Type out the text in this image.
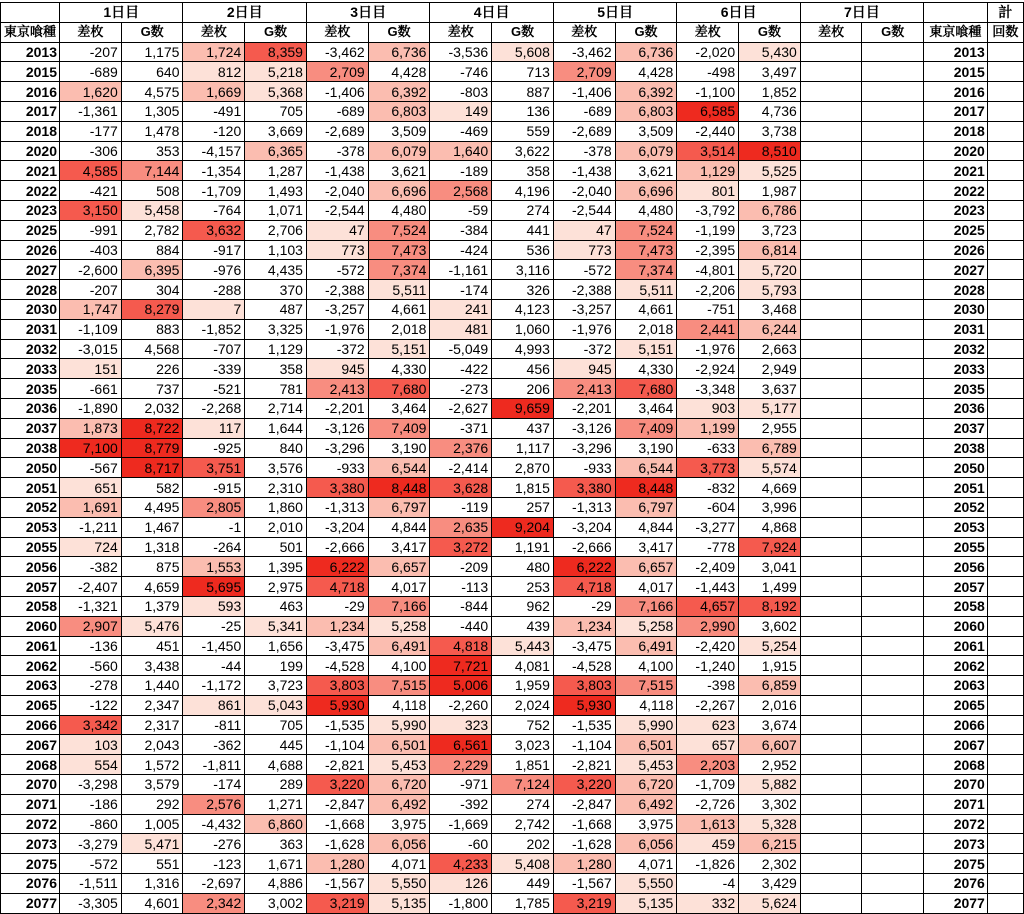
	1日目		2日目		3日目		4日目		5日目		6日目		7日目			計
東京喰種	差枚	G数	差枚	G数	差枚	G数	差枚	G数	差枚	G数	差枚	G数	差枚	G数	東京喰種	回数
2013	-207	1,175	1,724	8,359	-3,462	6,736	-3,536	5,608	-3,462	6,736	-2,020	5,430			2013	
2015	-689	640	812	5,218	2,709	4,428	-746	713	2,709	4,428	-498	3,497			2015	
2016	1,620	4,575	1,669	5,368	-1,406	6,392	-803	887	-1,406	6,392	-1,100	1,852			2016	
2017	-1,361	1,305	-491	705	-689	6,803	149	136	-689	6,803	6,585	4,736			2017	
2018	-177	1,478	-120	3,669	-2,689	3,509	-469	559	-2,689	3,509	-2,440	3,738			2018	
2020	-306	353	-4,157	6,365	-378	6,079	1,640	3,622	-378	6,079	3,514	8,510			2020	
2021	4,585	7,144	-1,354	1,287	-1,438	3,621	-189	358	-1,438	3,621	1,129	5,525			2021	
2022	-421	508	-1,709	1,493	-2,040	6,696	2,568	4,196	-2,040	6,696	801	1,987			2022	
2023	3,150	5,458	-764	1,071	-2,544	4,480	-59	274	-2,544	4,480	-3,792	6,786			2023	
2025	-991	2,782	3,632	2,706	47	7,524	-384	441	47	7,524	-1,199	3,723			2025	
2026	-403	884	-917	1,103	773	7,473	-424	536	773	7,473	-2,395	6,814			2026	
2027	-2,600	6,395	-976	4,435	-572	7,374	-1,161	3,116	-572	7,374	-4,801	5,720			2027	
2028	-207	304	-288	370	-2,388	5,511	-174	326	-2,388	5,511	-2,206	5,793			2028	
2030	1,747	8,279	7	487	-3,257	4,661	241	4,123	-3,257	4,661	-751	3,468			2030	
2031	-1,109	883	-1,852	3,325	-1,976	2,018	481	1,060	-1,976	2,018	2,441	6,244			2031	
2032	-3,015	4,568	-707	1,129	-372	5,151	-5,049	4,993	-372	5,151	-1,976	2,663			2032	
2033	151	226	-339	358	945	4,330	-422	456	945	4,330	-2,924	2,949			2033	
2035	-661	737	-521	781	2,413	7,680	-273	206	2,413	7,680	-3,348	3,637			2035	
2036	-1,890	2,032	-2,268	2,714	-2,201	3,464	-2,627	9,659	-2,201	3,464	903	5,177			2036	
2037	1,873	8,722	117	1,644	-3,126	7,409	-371	437	-3,126	7,409	1,199	2,955			2037	
2038	7,100	8,779	-925	840	-3,296	3,190	2,376	1,117	-3,296	3,190	-633	6,789			2038	
2050	-567	8,717	3,751	3,576	-933	6,544	-2,414	2,870	-933	6,544	3,773	5,574			2050	
2051	651	582	-915	2,310	3,380	8,448	3,628	1,815	3,380	8,448	-832	4,669			2051	
2052	1,691	4,495	2,805	1,860	-1,313	6,797	-119	257	-1,313	6,797	-604	3,996			2052	
2053	-1,211	1,467	-1	2,010	-3,204	4,844	2,635	9,204	-3,204	4,844	-3,277	4,868			2053	
2055	724	1,318	-264	501	-2,666	3,417	3,272	1,191	-2,666	3,417	-778	7,924			2055	
2056	-382	875	1,553	1,395	6,222	6,657	-209	480	6,222	6,657	-2,409	3,041			2056	
2057	-2,407	4,659	5,695	2,975	4,718	4,017	-113	253	4,718	4,017	-1,443	1,499			2057	
2058	-1,321	1,379	593	463	-29	7,166	-844	962	-29	7,166	4,657	8,192			2058	
2060	2,907	5,476	-25	5,341	1,234	5,258	-440	439	1,234	5,258	2,990	3,602			2060	
2061	-136	451	-1,450	1,656	-3,475	6,491	4,818	5,443	-3,475	6,491	-2,420	5,254			2061	
2062	-560	3,438	-44	199	-4,528	4,100	7,721	4,081	-4,528	4,100	-1,240	1,915			2062	
2063	-278	1,440	-1,172	3,723	3,803	7,515	5,006	1,959	3,803	7,515	-398	6,859			2063	
2065	-122	2,347	861	5,043	5,930	4,118	-2,260	2,024	5,930	4,118	-2,267	2,016			2065	
2066	3,342	2,317	-811	705	-1,535	5,990	323	752	-1,535	5,990	623	3,674			2066	
2067	103	2,043	-362	445	-1,104	6,501	6,561	3,023	-1,104	6,501	657	6,607			2067	
2068	554	1,572	-1,811	4,688	-2,821	5,453	2,229	1,851	-2,821	5,453	2,203	2,952			2068	
2070	-3,298	3,579	-174	289	3,220	6,720	-971	7,124	3,220	6,720	-1,709	5,882			2070	
2071	-186	292	2,576	1,271	-2,847	6,492	-392	274	-2,847	6,492	-2,726	3,302			2071	
2072	-860	1,005	-4,432	6,860	-1,668	3,975	-1,669	2,742	-1,668	3,975	1,613	5,328			2072	
2073	-3,279	5,471	-276	363	-1,628	6,056	-60	202	-1,628	6,056	459	6,215			2073	
2075	-572	551	-123	1,671	1,280	4,071	4,233	5,408	1,280	4,071	-1,826	2,302			2075	
2076	-1,511	1,316	-2,697	4,886	-1,567	5,550	126	449	-1,567	5,550	-4	3,429			2076	
2077	-3,305	4,601	2,342	3,002	3,219	5,135	-1,800	1,785	3,219	5,135	332	5,624			2077	
